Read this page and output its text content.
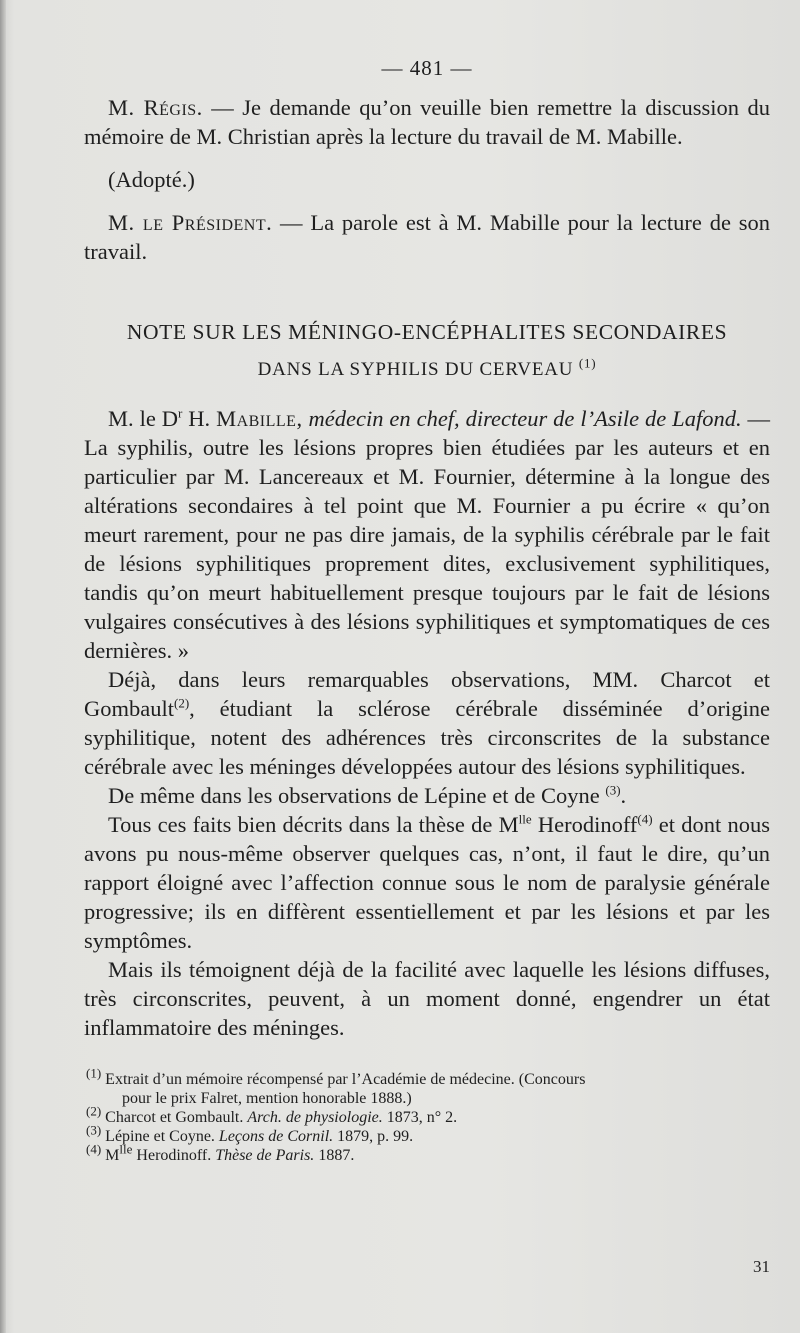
— 481 —

M. Régis. — Je demande qu’on veuille bien remettre la discussion du mémoire de M. Christian après la lecture du travail de M. Mabille.

(Adopté.)

M. le Président. — La parole est à M. Mabille pour la lecture de son travail.

NOTE SUR LES MÉNINGO-ENCÉPHALITES SECONDAIRES
DANS LA SYPHILIS DU CERVEAU $^{(1)}$

M. le $D^r$ H. Mabille, médecin en chef, directeur de l’Asile de Lafond. — La syphilis, outre les lésions propres bien étudiées par les auteurs et en particulier par M. Lancereaux et M. Fournier, détermine à la longue des altérations secondaires à tel point que M. Fournier a pu écrire « qu’on meurt rarement, pour ne pas dire jamais, de la syphilis cérébrale par le fait de lésions syphilitiques proprement dites, exclusivement syphilitiques, tandis qu’on meurt habituellement presque toujours par le fait de lésions vulgaires consécutives à des lésions syphilitiques et symptomatiques de ces dernières. »

Déjà, dans leurs remarquables observations, MM. Charcot et Gombault$^{(2)}$, étudiant la sclérose cérébrale disséminée d’origine syphilitique, notent des adhérences très circonscrites de la substance cérébrale avec les méninges développées autour des lésions syphilitiques.

De même dans les observations de Lépine et de Coyne $^{(3)}$.

Tous ces faits bien décrits dans la thèse de $M^{lle}$ Herodinoff$^{(4)}$ et dont nous avons pu nous-même observer quelques cas, n’ont, il faut le dire, qu’un rapport éloigné avec l’affection connue sous le nom de paralysie générale progressive; ils en diffèrent essentiellement et par les lésions et par les symptômes.

Mais ils témoignent déjà de la facilité avec laquelle les lésions diffuses, très circonscrites, peuvent, à un moment donné, engendrer un état inflammatoire des méninges.

$^{(1)}$ Extrait d’un mémoire récompensé par l’Académie de médecine. (Concours
pour le prix Falret, mention honorable 1888.)
$^{(2)}$ Charcot et Gombault. Arch. de physiologie. 1873, n° 2.
$^{(3)}$ Lépine et Coyne. Leçons de Cornil. 1879, p. 99.
$^{(4)}$ $M^{lle}$ Herodinoff. Thèse de Paris. 1887.
31
